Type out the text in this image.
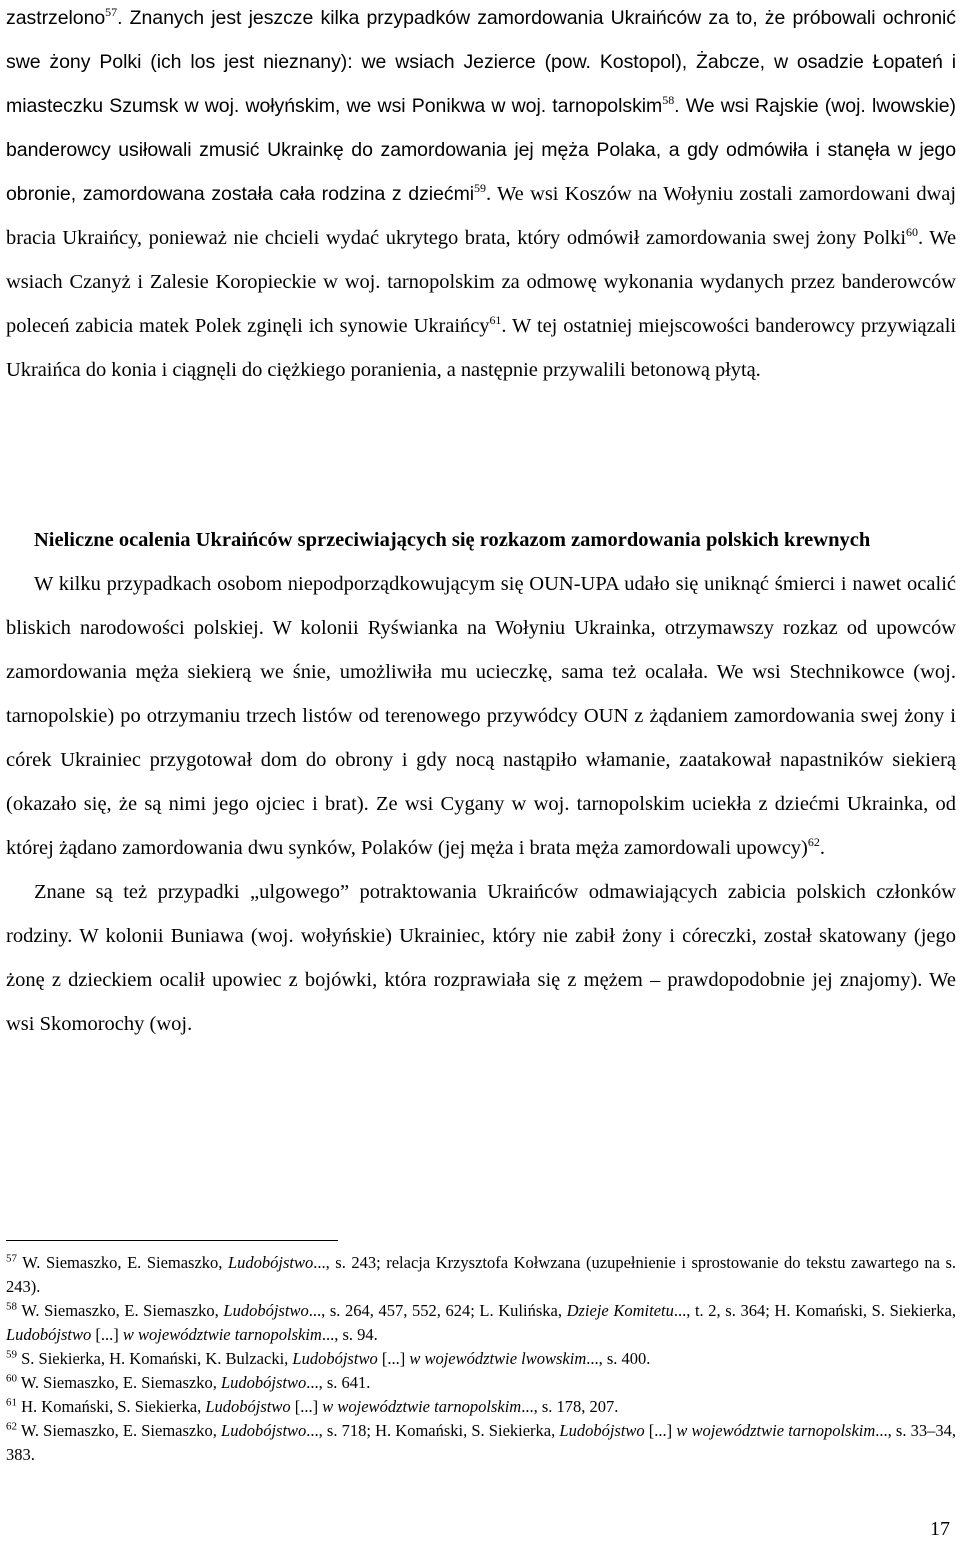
zastrzelono$^{57}$. Znanych jest jeszcze kilka przypadków zamordowania Ukraińców za to, że próbowali ochronić swe żony Polki (ich los jest nieznany): we wsiach Jezierce (pow. Kostopol), Żabcze, w osadzie Łopateń i miasteczku Szumsk w woj. wołyńskim, we wsi Ponikwa w woj. tarnopolskim$^{58}$. We wsi Rajskie (woj. lwowskie) banderowcy usiłowali zmusić Ukrainkę do zamordowania jej męża Polaka, a gdy odmówiła i stanęła w jego obronie, zamordowana została cała rodzina z dziećmi$^{59}$. We wsi Koszów na Wołyniu zostali zamordowani dwaj bracia Ukraińcy, ponieważ nie chcieli wydać ukrytego brata, który odmówił zamordowania swej żony Polki$^{60}$. We wsiach Czanyż i Zalesie Koropieckie w woj. tarnopolskim za odmowę wykonania wydanych przez banderowców poleceń zabicia matek Polek zginęli ich synowie Ukraińcy$^{61}$. W tej ostatniej miejscowości banderowcy przywiązali Ukraińca do konia i ciągnęli do ciężkiego poranienia, a następnie przywalili betonową płytą.

Nieliczne ocalenia Ukraińców sprzeciwiających się rozkazom zamordowania polskich krewnych
W kilku przypadkach osobom niepodporządkowującym się OUN-UPA udało się uniknąć śmierci i nawet ocalić bliskich narodowości polskiej. W kolonii Ryświanka na Wołyniu Ukrainka, otrzymawszy rozkaz od upowców zamordowania męża siekierą we śnie, umożliwiła mu ucieczkę, sama też ocalała. We wsi Stechnikowce (woj. tarnopolskie) po otrzymaniu trzech listów od terenowego przywódcy OUN z żądaniem zamordowania swej żony i córek Ukrainiec przygotował dom do obrony i gdy nocą nastąpiło włamanie, zaatakował napastników siekierą (okazało się, że są nimi jego ojciec i brat). Ze wsi Cygany w woj. tarnopolskim uciekła z dziećmi Ukrainka, od której żądano zamordowania dwu synków, Polaków (jej męża i brata męża zamordowali upowcy)$^{62}$.
Znane są też przypadki „ulgowego” potraktowania Ukraińców odmawiających zabicia polskich członków rodziny. W kolonii Buniawa (woj. wołyńskie) Ukrainiec, który nie zabił żony i córeczki, został skatowany (jego żonę z dzieckiem ocalił upowiec z bojówki, która rozprawiała się z mężem – prawdopodobnie jej znajomy). We wsi Skomorochy (woj.

$^{57}$ W. Siemaszko, E. Siemaszko, Ludobójstwo..., s. 243; relacja Krzysztofa Kołwzana (uzupełnienie i sprostowanie do tekstu zawartego na s. 243).

$^{58}$ W. Siemaszko, E. Siemaszko, Ludobójstwo..., s. 264, 457, 552, 624; L. Kulińska, Dzieje Komitetu..., t. 2, s. 364; H. Komański, S. Siekierka, Ludobójstwo [...] w województwie tarnopolskim..., s. 94.

$^{59}$ S. Siekierka, H. Komański, K. Bulzacki, Ludobójstwo [...] w województwie lwowskim..., s. 400.

$^{60}$ W. Siemaszko, E. Siemaszko, Ludobójstwo..., s. 641.

$^{61}$ H. Komański, S. Siekierka, Ludobójstwo [...] w województwie tarnopolskim..., s. 178, 207.

$^{62}$ W. Siemaszko, E. Siemaszko, Ludobójstwo..., s. 718; H. Komański, S. Siekierka, Ludobójstwo [...] w województwie tarnopolskim..., s. 33–34, 383.

17
